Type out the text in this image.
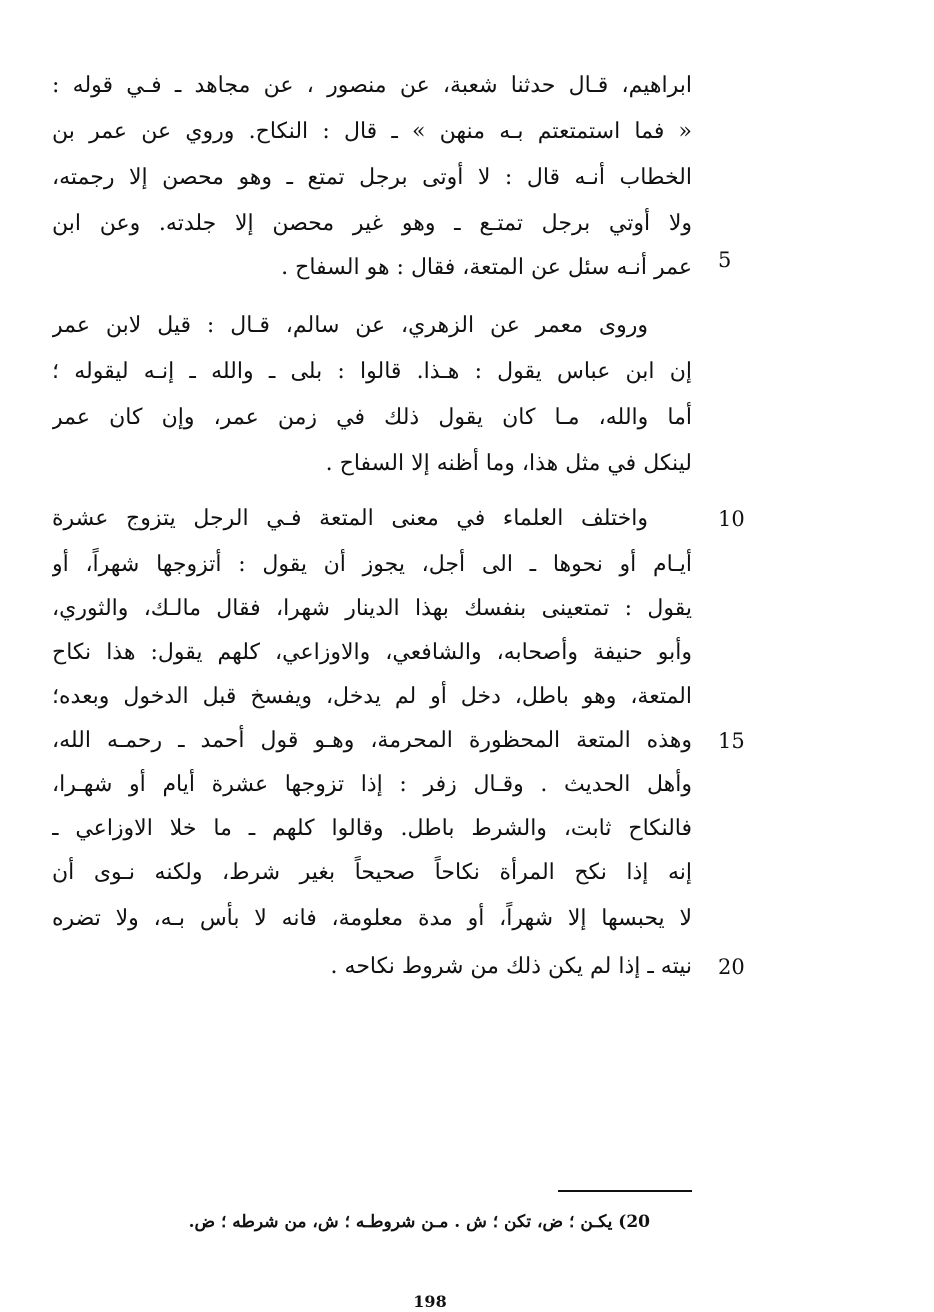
ابراهيم، قـال حدثنا شعبة، عن منصور ، عن مجاهد ـ فـي قوله :
« فما استمتعتم بـه منهن » ـ قال : النكاح. وروي عن عمر بن
الخطاب أنـه قال : لا أوتى برجل تمتع ـ وهو محصن إلا رجمته،
ولا أوتي برجل تمتـع ـ وهو غير محصن إلا جلدته. وعن ابن
عمر أنـه سئل عن المتعة، فقال : هو السفاح . 5
وروى معمر عن الزهري، عن سالم، قـال : قيل لابن عمر
إن ابن عباس يقول : هـذا. قالوا : بلى ـ والله ـ إنـه ليقوله ؛
أما والله، مـا كان يقول ذلك في زمن عمر، وإن كان عمر
لينكل في مثل هذا، وما أظنه إلا السفاح .
واختلف العلماء في معنى المتعة فـي الرجل يتزوج عشرة	10
أيـام أو نحوها ـ الى أجل، يجوز أن يقول : أتزوجها شهراً، أو
يقول : تمتعينى بنفسك بهذا الدينار شهرا، فقال مالـك، والثوري،
وأبو حنيفة وأصحابه، والشافعي، والاوزاعي، كلهم يقول: هذا نكاح
المتعة، وهو باطل، دخل أو لم يدخل، ويفسخ قبل الدخول وبعده؛
وهذه المتعة المحظورة المحرمة، وهـو قول أحمد ـ رحمـه الله، 15
وأهل الحديث . وقـال زفر : إذا تزوجها عشرة أيام أو شهـرا،
فالنكاح ثابت، والشرط باطل. وقالوا كلهم ـ ما خلا الاوزاعي ـ
إنه إذا نكح المرأة نكاحاً صحيحاً بغير شرط، ولكنه نـوى أن
لا يحبسها إلا شهراً، أو مدة معلومة، فانه لا بأس بـه، ولا تضره
نيته ـ إذا لم يكن ذلك من شروط نكاحه . 20
20) يكـن ؛ ض، تكن ؛ ش . مـن شروطـه ؛ ش، من شرطه ؛ ض.
198
